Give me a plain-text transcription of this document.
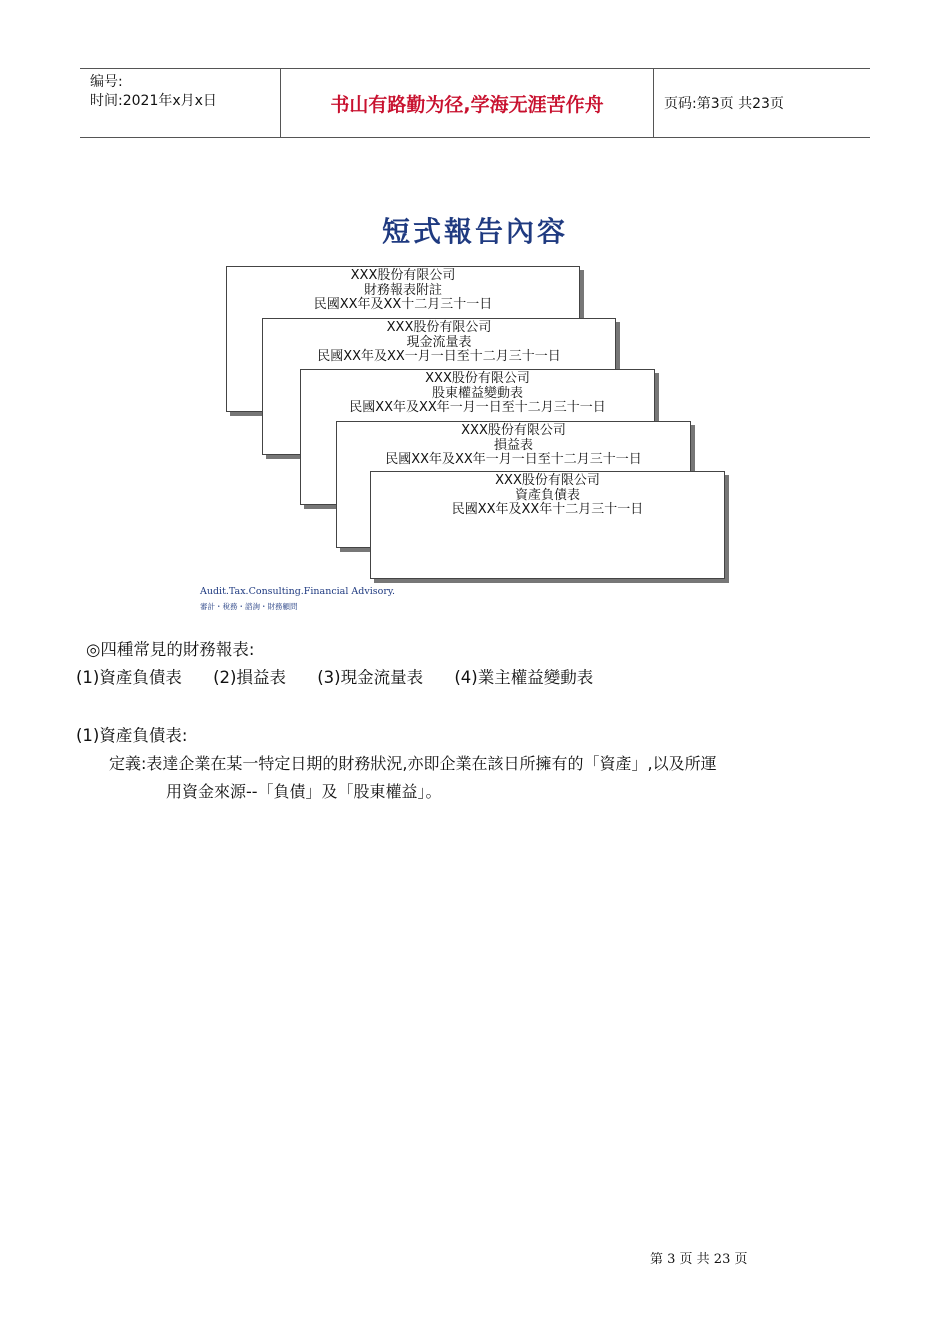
编号:
时间:2021年x月x日	书山有路勤为径,学海无涯苦作舟	页码:第3页 共23页
短式報告內容
XXX股份有限公司
財務報表附註
民國XX年及XX十二月三十一日
XXX股份有限公司
現金流量表
民國XX年及XX一月一日至十二月三十一日
XXX股份有限公司
股東權益變動表
民國XX年及XX年一月一日至十二月三十一日
XXX股份有限公司
損益表
民國XX年及XX年一月一日至十二月三十一日
XXX股份有限公司
資產負債表
民國XX年及XX年十二月三十一日
Audit.Tax.Consulting.Financial Advisory.
審計・稅務・諮詢・財務顧問
◎四種常見的財務報表:
(1)資產負債表 (2)損益表 (3)現金流量表 (4)業主權益變動表
(1)資產負債表:
定義:表達企業在某一特定日期的財務狀況,亦即企業在該日所擁有的「資產」,以及所運
用資金來源--「負債」及「股東權益」。
第 3 页 共 23 页
